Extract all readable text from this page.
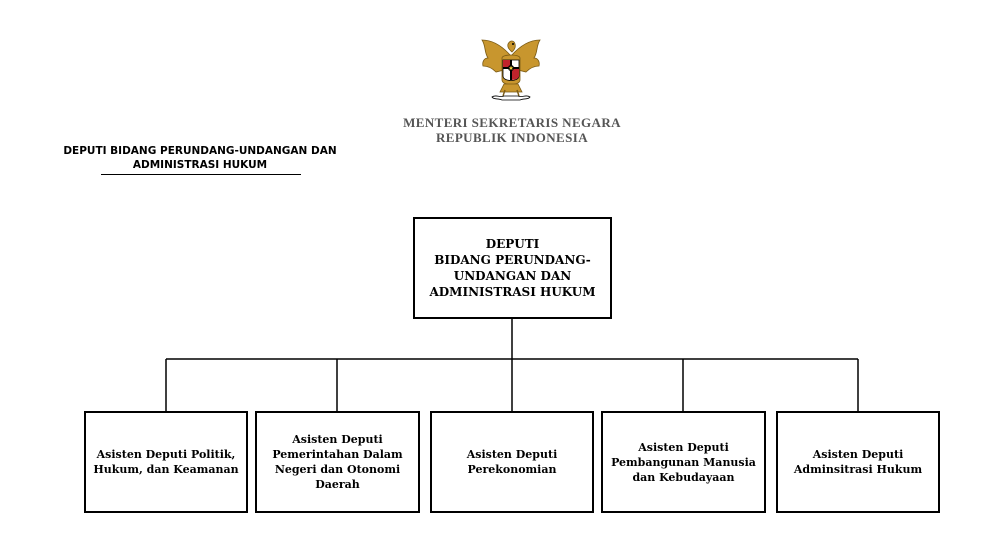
MENTERI SEKRETARIS NEGARA
REPUBLIK INDONESIA
DEPUTI BIDANG PERUNDANG-UNDANGAN DAN
ADMINISTRASI HUKUM
DEPUTI
BIDANG PERUNDANG-
UNDANGAN DAN
ADMINISTRASI HUKUM
Asisten Deputi Politik,
Hukum, dan Keamanan
Asisten Deputi
Pemerintahan Dalam
Negeri dan Otonomi
Daerah
Asisten Deputi
Perekonomian
Asisten Deputi
Pembangunan Manusia
dan Kebudayaan
Asisten Deputi
Adminsitrasi Hukum
